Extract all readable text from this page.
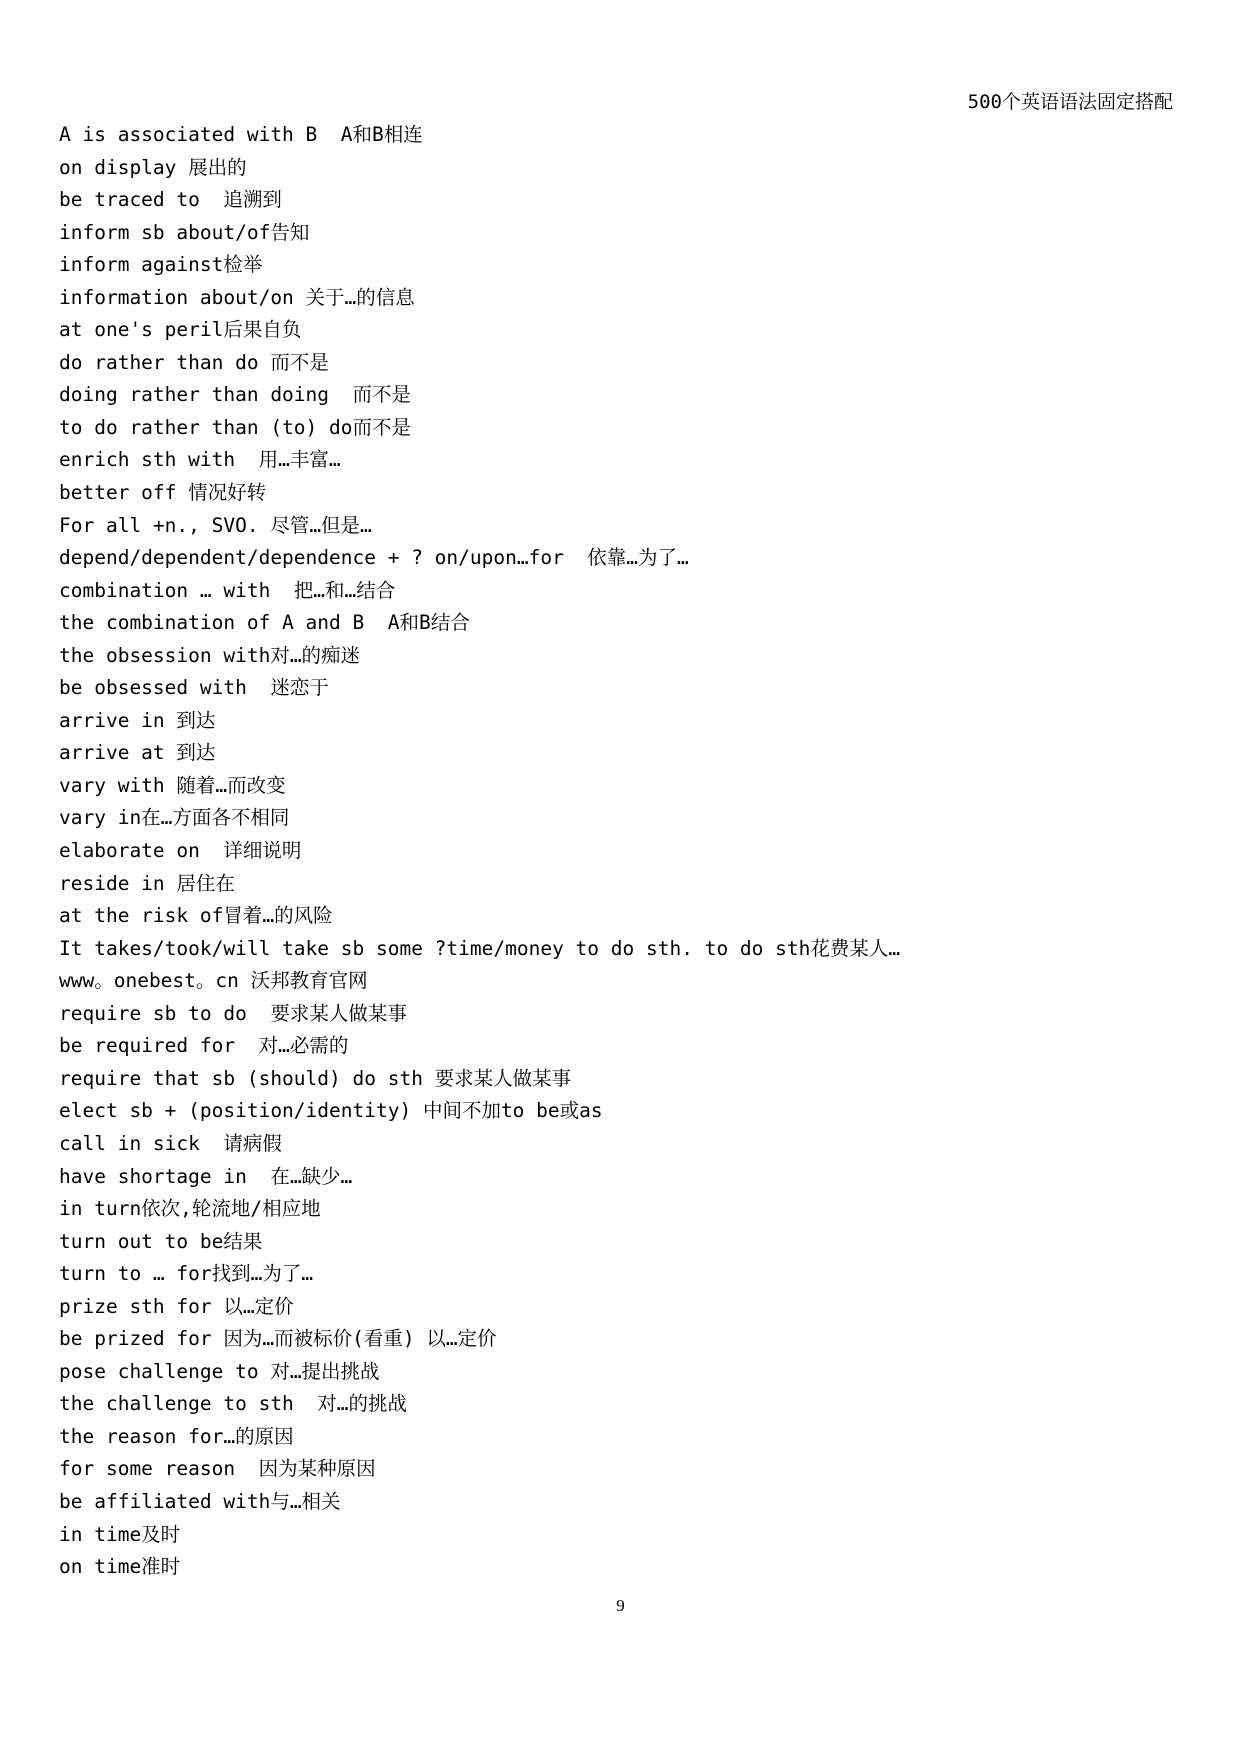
500个英语语法固定搭配
A is associated with B  A和B相连
on display 展出的
be traced to  追溯到
inform sb about/of告知
inform against检举
information about/on 关于…的信息
at one's peril后果自负
do rather than do 而不是
doing rather than doing  而不是
to do rather than (to) do而不是
enrich sth with  用…丰富…
better off 情况好转
For all +n., SVO. 尽管…但是…
depend/dependent/dependence + ? on/upon…for  依靠…为了…
combination … with  把…和…结合
the combination of A and B  A和B结合
the obsession with对…的痴迷
be obsessed with  迷恋于
arrive in 到达
arrive at 到达
vary with 随着…而改变
vary in在…方面各不相同
elaborate on  详细说明
reside in 居住在
at the risk of冒着…的风险
It takes/took/will take sb some ?time/money to do sth. to do sth花费某人…
www。onebest。cn 沃邦教育官网
require sb to do  要求某人做某事
be required for  对…必需的
require that sb (should) do sth 要求某人做某事
elect sb + (position/identity) 中间不加to be或as
call in sick  请病假
have shortage in  在…缺少…
in turn依次,轮流地/相应地
turn out to be结果
turn to … for找到…为了…
prize sth for 以…定价
be prized for 因为…而被标价(看重) 以…定价
pose challenge to 对…提出挑战
the challenge to sth  对…的挑战
the reason for…的原因
for some reason  因为某种原因
be affiliated with与…相关
in time及时
on time准时
9
